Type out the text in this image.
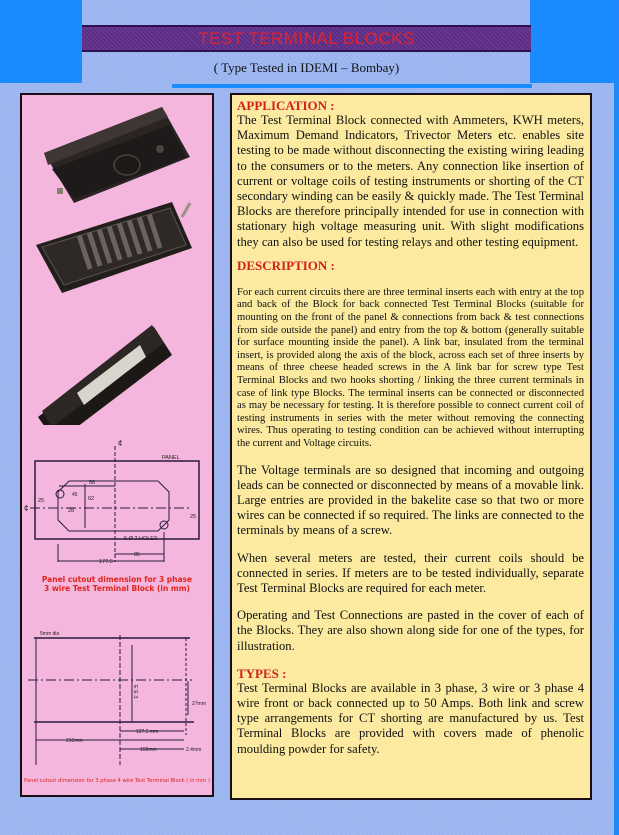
TEST TERMINAL BLOCKS
( Type Tested in IDEMI – Bombay)
¢
¢
PANEL
56
25	62
28
45
25
5 Ø 2 HOLES
85
177.5
Panel cutout dimension for 3 phase
3 wire Test Terminal Block (in mm)
5mm dia
E E 3
27mm
127.5 mm
216mm
108mm	2.4mm
Panel cutout dimension for 3 phase 4 wire Test Terminal Block ( in mm )
APPLICATION :

The Test Terminal Block connected with Ammeters, KWH meters, Maximum Demand Indicators, Trivector Meters etc. enables site testing to be made without disconnecting the existing wiring leading to the consumers or to the meters. Any connection like insertion of current or voltage coils of testing instruments or shorting of the CT secondary winding can be easily & quickly made. The Test Terminal Blocks are therefore principally intended for use in connection with stationary high voltage measuring unit. With slight modifications they can also be used for testing relays and other testing equipment.

DESCRIPTION :

For each current circuits there are three terminal inserts each with entry at the top and back of the Block for back connected Test Terminal Blocks (suitable for mounting on the front of the panel & connections from back & test connections from side outside the panel) and entry from the top & bottom (generally suitable for surface mounting inside the panel). A link bar, insulated from the terminal insert, is provided along the axis of the block, across each set of three inserts by means of three cheese headed screws in the A link bar for screw type Test Terminal Blocks and two hooks shorting / linking the three current terminals in case of link type Blocks. The terminal inserts can be connected or disconnected as may be necessary for testing. It is therefore possible to connect current coil of testing instruments in series with the meter without removing the connecting wires. Thus operating to testing condition can be achieved without interrupting the current and Voltage circuits.

The Voltage terminals are so designed that incoming and outgoing leads can be connected or disconnected by means of a movable link. Large entries are provided in the bakelite case so that two or more wires can be connected if so required. The links are connected to the terminals by means of a screw.

When several meters are tested, their current coils should be connected in series. If meters are to be tested individually, separate Test Terminal Blocks are required for each meter.

Operating and Test Connections are pasted in the cover of each of the Blocks. They are also shown along side for one of the types, for illustration.

TYPES :

Test Terminal Blocks are available in 3 phase, 3 wire or 3 phase 4 wire front or back connected up to 50 Amps. Both link and screw type arrangements for CT shorting are manufactured by us. Test Terminal Blocks are provided with covers made of phenolic moulding powder for safety.
